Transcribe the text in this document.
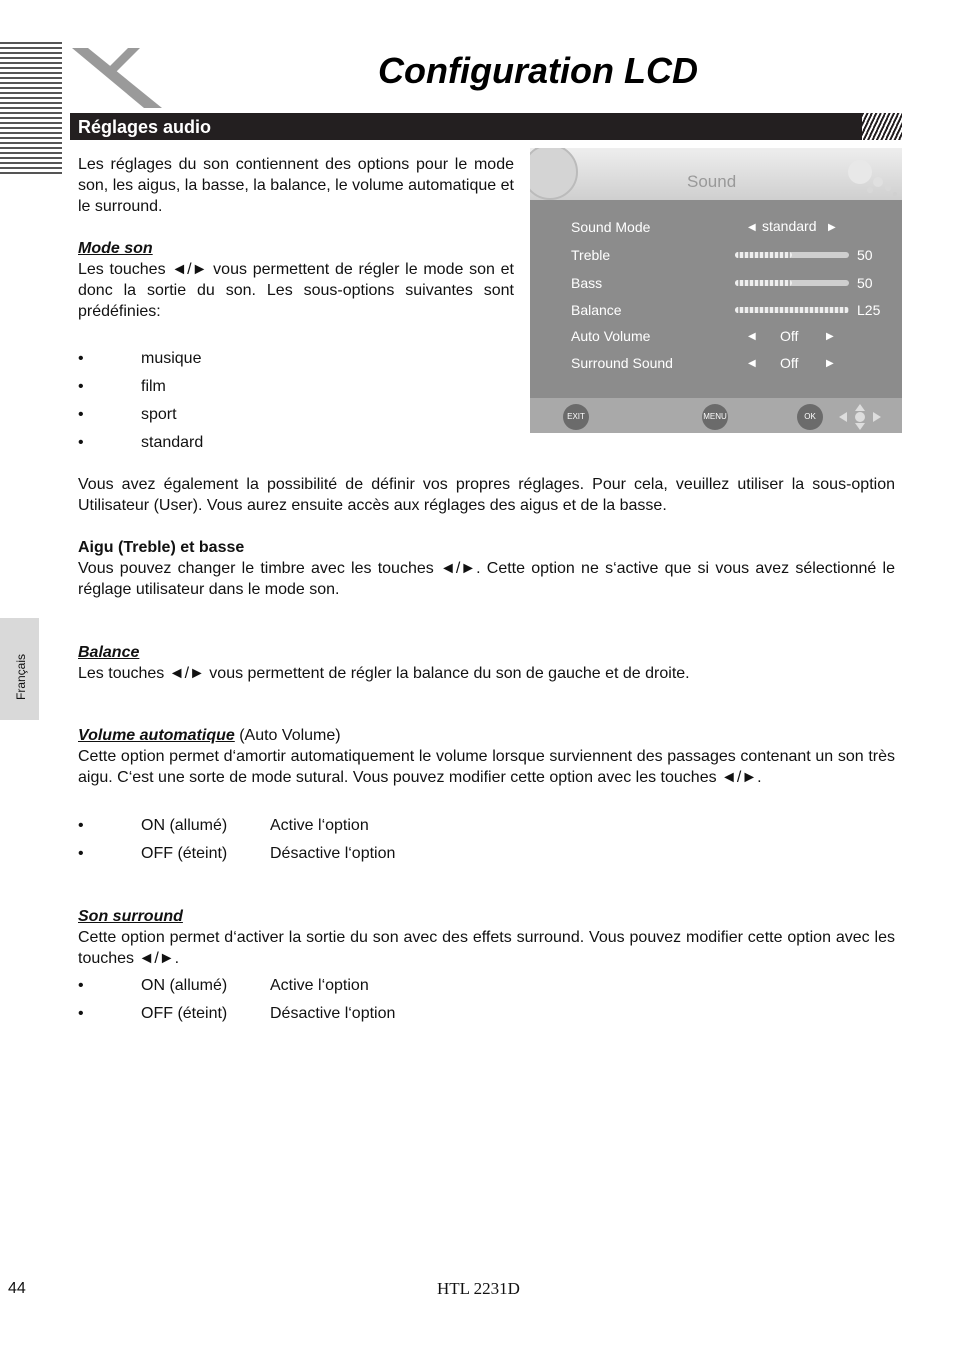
Configuration LCD
Réglages audio
Les réglages du son contiennent des options pour le mode son, les aigus, la basse, la balance, le volume automatique et le surround.
Mode son
Les touches ◄/► vous permettent de régler le mode son et donc la sortie du son. Les sous-options suivantes sont prédéfinies:
•	musique
•	film
•	sport
•	standard
Sound
Sound Mode	◀ standard ▶
Treble	50
Bass	50
Balance	L25
Auto Volume	◀ Off	▶
Surround Sound	◀ Off	▶
EXIT	MENU	OK
Vous avez également la possibilité de définir vos propres réglages. Pour cela, veuillez utiliser la sous-option Utilisateur (User). Vous aurez ensuite accès aux réglages des aigus et de la basse.
Aigu (Treble) et basse
Vous pouvez changer le timbre avec les touches ◄/►. Cette option ne s‘active que si vous avez sélectionné le réglage utilisateur dans le mode son.
Français
Balance
Les touches ◄/► vous permettent de régler la balance du son de gauche et de droite.
Volume automatique (Auto Volume)
Cette option permet d‘amortir automatiquement le volume lorsque surviennent des passages contenant un son très aigu. C‘est une sorte de mode sutural. Vous pouvez modifier cette option avec les touches ◄/►.
•	ON (allumé)	Active l‘option
•	OFF (éteint)	Désactive l‘option
Son surround
Cette option permet d‘activer la sortie du son avec des effets surround. Vous pouvez modifier cette option avec les touches ◄/►.
•	ON (allumé)	Active l‘option
•	OFF (éteint)	Désactive l‘option
44	HTL 2231D
